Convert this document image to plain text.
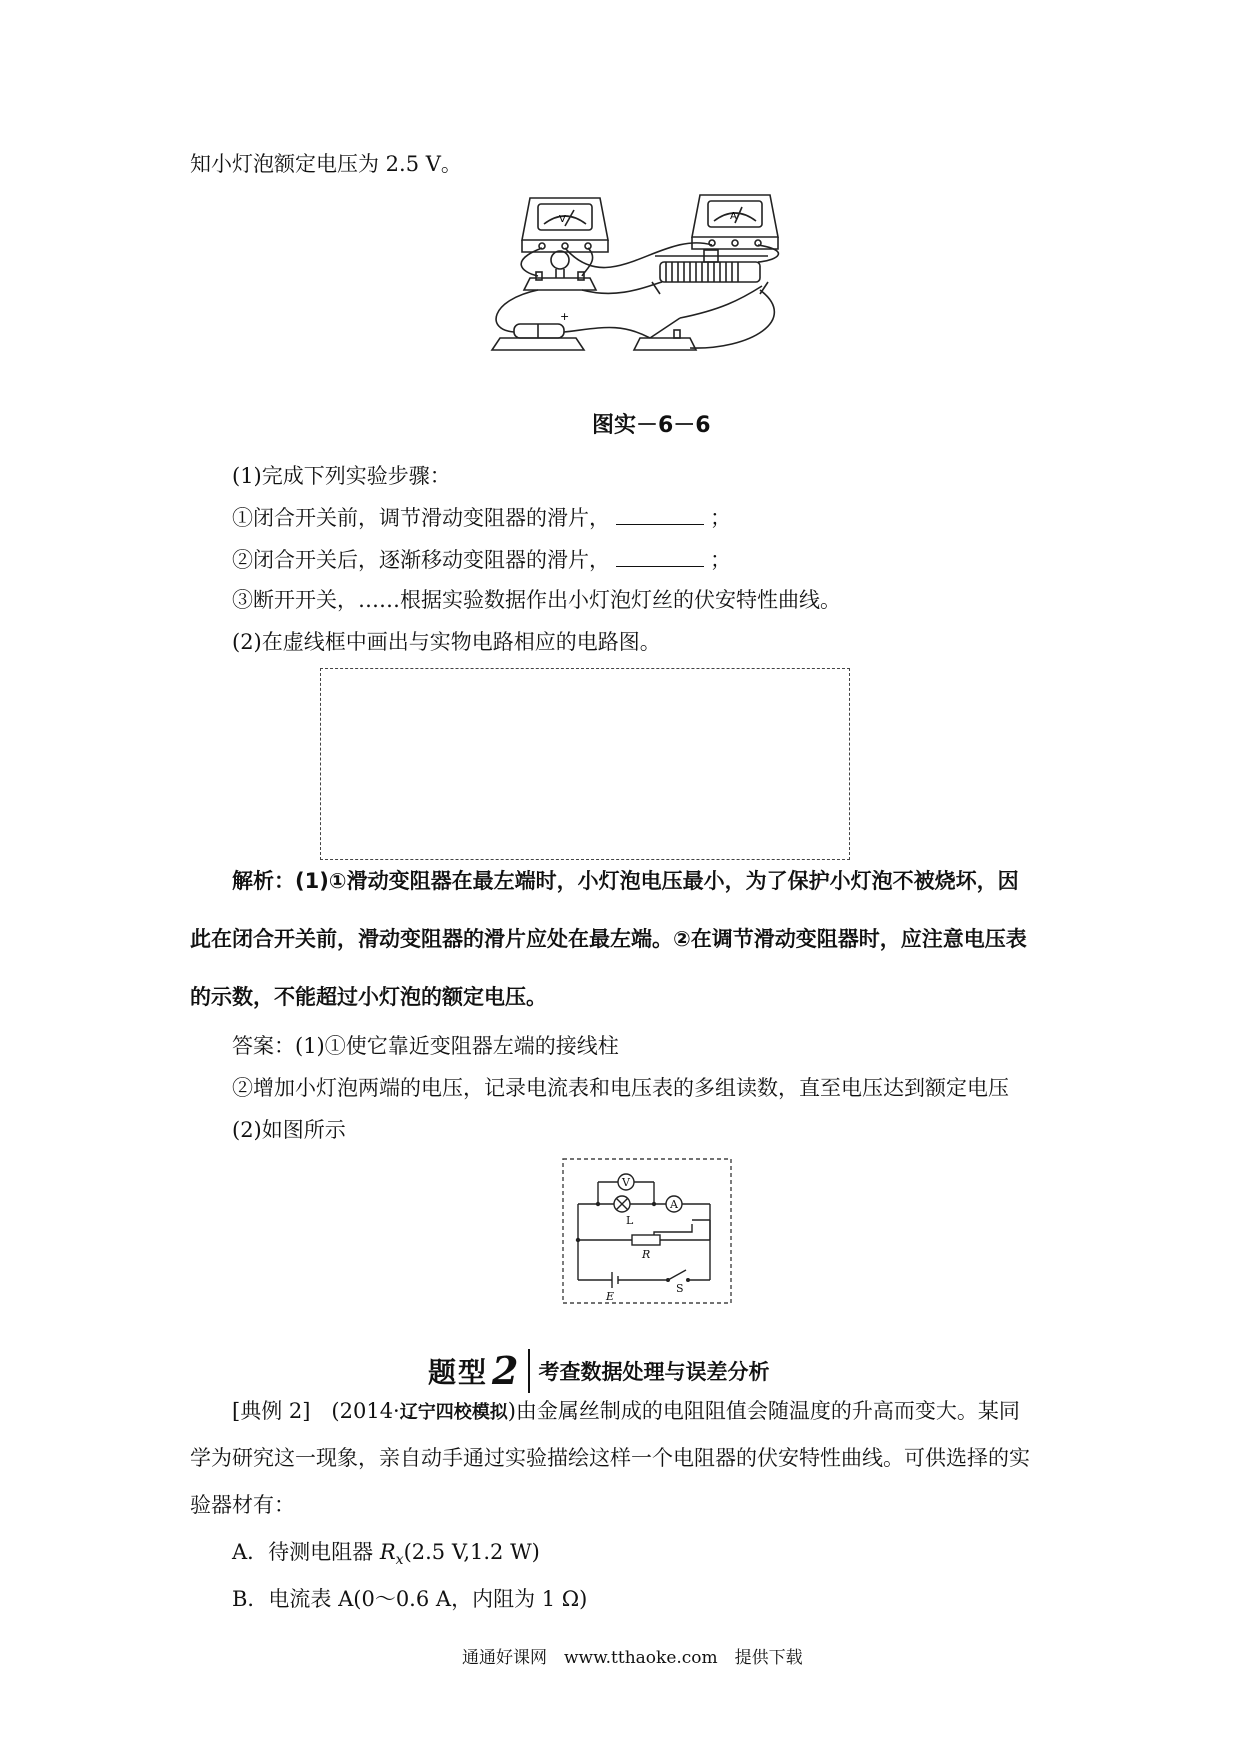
知小灯泡额定电压为 2.5 V。
V	A
+
图实－6－6
(1)完成下列实验步骤：
①闭合开关前，调节滑动变阻器的滑片，	；
②闭合开关后，逐渐移动变阻器的滑片，	；
③断开开关，……根据实验数据作出小灯泡灯丝的伏安特性曲线。
(2)在虚线框中画出与实物电路相应的电路图。
解析：(1)①滑动变阻器在最左端时，小灯泡电压最小，为了保护小灯泡不被烧坏，因
此在闭合开关前，滑动变阻器的滑片应处在最左端。②在调节滑动变阻器时，应注意电压表
的示数，不能超过小灯泡的额定电压。
答案：(1)①使它靠近变阻器左端的接线柱
②增加小灯泡两端的电压，记录电流表和电压表的多组读数，直至电压达到额定电压
(2)如图所示
V
A
L
R
E
S
题型 2 考查数据处理与误差分析
[典例 2]　(2014·辽宁四校模拟)由金属丝制成的电阻阻值会随温度的升高而变大。某同
学为研究这一现象，亲自动手通过实验描绘这样一个电阻器的伏安特性曲线。可供选择的实
验器材有：
A．待测电阻器 $R_x(2.5$ V,1.2 W)
B．电流表 A(0～0.6 A，内阻为 1 Ω)
通通好课网　www.tthaoke.com　提供下载
